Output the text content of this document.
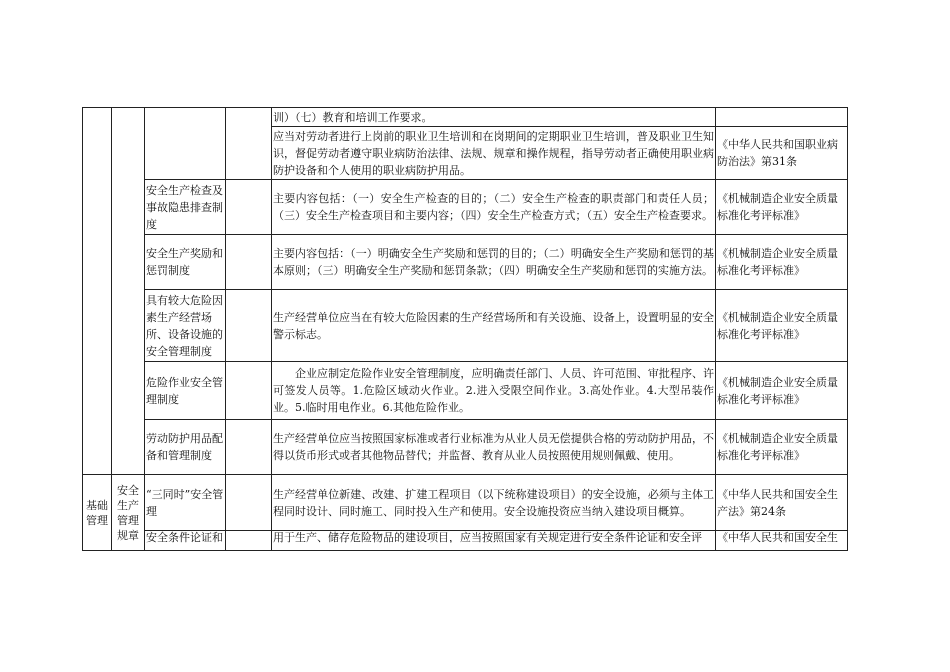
				训）（七）教育和培训工作要求。	
				应当对劳动者进行上岗前的职业卫生培训和在岗期间的定期职业卫生培训，普及职业卫生知识，督促劳动者遵守职业病防治法律、法规、规章和操作规程，指导劳动者正确使用职业病防护设备和个人使用的职业病防护用品。	《中华人民共和国职业病防治法》第31条
		安全生产检查及事故隐患排查制度		主要内容包括：（一）安全生产检查的目的；（二）安全生产检查的职责部门和责任人员；（三）安全生产检查项目和主要内容；（四）安全生产检查方式；（五）安全生产检查要求。	《机械制造企业安全质量标准化考评标准》
		安全生产奖励和惩罚制度		主要内容包括：（一）明确安全生产奖励和惩罚的目的；（二）明确安全生产奖励和惩罚的基本原则；（三）明确安全生产奖励和惩罚条款；（四）明确安全生产奖励和惩罚的实施方法。	《机械制造企业安全质量标准化考评标准》
		具有较大危险因素生产经营场所、设备设施的安全管理制度		生产经营单位应当在有较大危险因素的生产经营场所和有关设施、设备上，设置明显的安全警示标志。	《机械制造企业安全质量标准化考评标准》
		危险作业安全管理制度		企业应制定危险作业安全管理制度，应明确责任部门、人员、许可范围、审批程序、许可签发人员等。1.危险区域动火作业。2.进入受限空间作业。3.高处作业。4.大型吊装作业。5.临时用电作业。6.其他危险作业。	《机械制造企业安全质量标准化考评标准》
		劳动防护用品配备和管理制度		生产经营单位应当按照国家标准或者行业标准为从业人员无偿提供合格的劳动防护用品，不得以货币形式或者其他物品替代；并监督、教育从业人员按照使用规则佩戴、使用。	《机械制造企业安全质量标准化考评标准》

基础管理	安全生产管理规章	“三同时”安全管理		生产经营单位新建、改建、扩建工程项目（以下统称建设项目）的安全设施，必须与主体工程同时设计、同时施工、同时投入生产和使用。安全设施投资应当纳入建设项目概算。	《中华人民共和国安全生产法》第24条

		安全条件论证和		用于生产、储存危险物品的建设项目，应当按照国家有关规定进行安全条件论证和安全评	《中华人民共和国安全生
